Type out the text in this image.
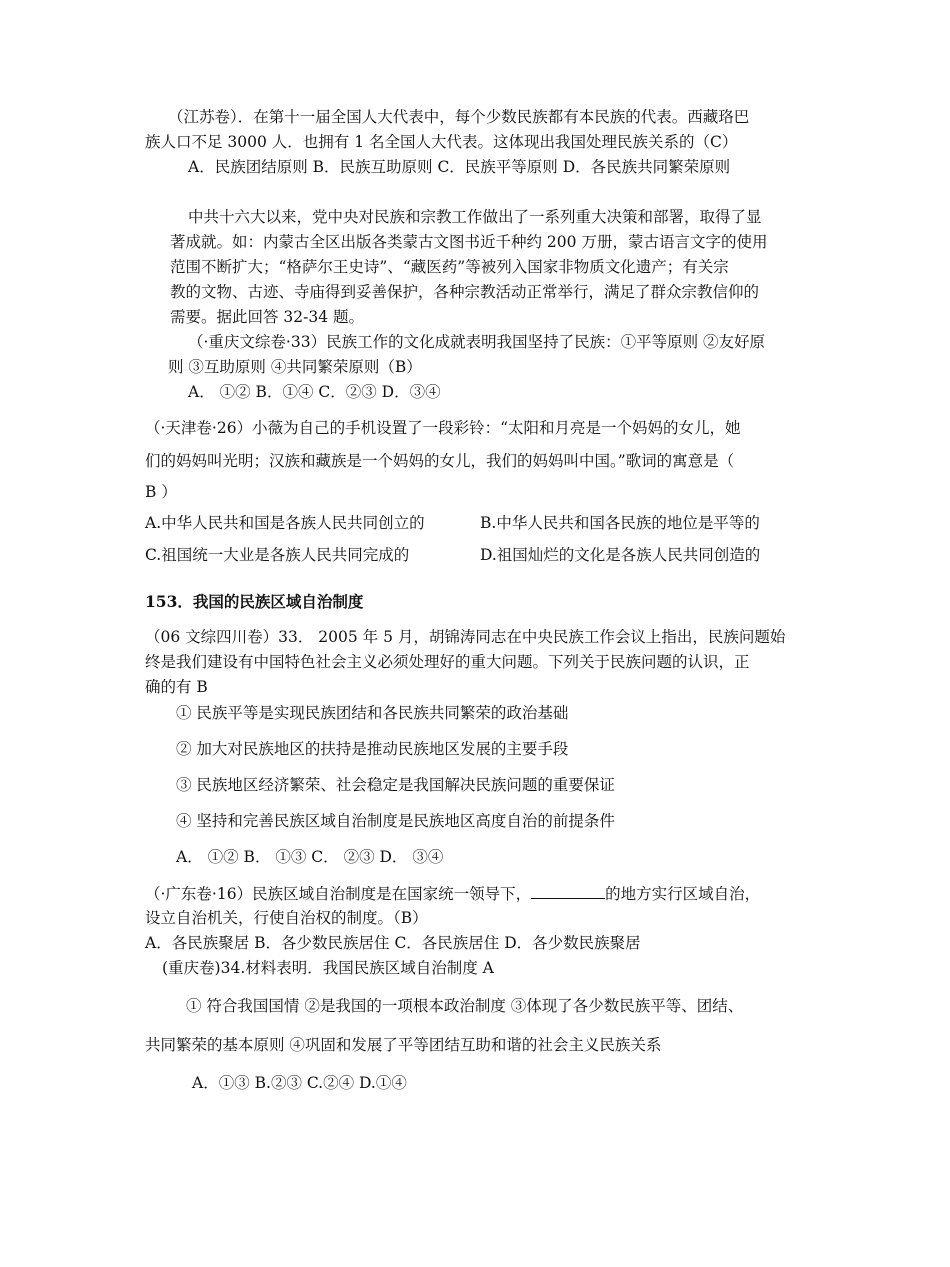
（江苏卷）．在第十一届全国人大代表中，每个少数民族都有本民族的代表。西藏珞巴
族人口不足 3000 人．也拥有 1 名全国人大代表。这体现出我国处理民族关系的（C）
A．民族团结原则 B．民族互助原则 C．民族平等原则 D．各民族共同繁荣原则
中共十六大以来，党中央对民族和宗教工作做出了一系列重大决策和部署，取得了显
著成就。如：内蒙古全区出版各类蒙古文图书近千种约 200 万册，蒙古语言文字的使用
范围不断扩大；“格萨尔王史诗”、“藏医药”等被列入国家非物质文化遗产；有关宗
教的文物、古迹、寺庙得到妥善保护，各种宗教活动正常举行，满足了群众宗教信仰的
需要。据此回答 32-34 题。
（·重庆文综卷·33）民族工作的文化成就表明我国坚持了民族：①平等原则 ②友好原
则 ③互助原则 ④共同繁荣原则（B）
A． ①② B．①④ C．②③ D．③④
（·天津卷·26）小薇为自己的手机设置了一段彩铃：“太阳和月亮是一个妈妈的女儿，她
们的妈妈叫光明；汉族和藏族是一个妈妈的女儿，我们的妈妈叫中国。”歌词的寓意是（
B ）
A.中华人民共和国是各族人民共同创立的	B.中华人民共和国各民族的地位是平等的
C.祖国统一大业是各族人民共同完成的	D.祖国灿烂的文化是各族人民共同创造的
153．我国的民族区域自治制度
（06 文综四川卷）33． 2005 年 5 月，胡锦涛同志在中央民族工作会议上指出，民族问题始
终是我们建设有中国特色社会主义必须处理好的重大问题。下列关于民族问题的认识，正
确的有 B
① 民族平等是实现民族团结和各民族共同繁荣的政治基础
② 加大对民族地区的扶持是推动民族地区发展的主要手段
③ 民族地区经济繁荣、社会稳定是我国解决民族问题的重要保证
④ 坚持和完善民族区域自治制度是民族地区高度自治的前提条件
A． ①② B． ①③ C． ②③ D． ③④
（·广东卷·16）民族区域自治制度是在国家统一领导下，	的地方实行区域自治，
设立自治机关，行使自治权的制度。（B）
A．各民族聚居 B．各少数民族居住 C．各民族居住 D．各少数民族聚居
(重庆卷)34.材料表明．我国民族区域自治制度 A
① 符合我国国情 ②是我国的一项根本政治制度 ③体现了各少数民族平等、团结、
共同繁荣的基本原则 ④巩固和发展了平等团结互助和谐的社会主义民族关系
A．①③ B.②③ C.②④ D.①④
